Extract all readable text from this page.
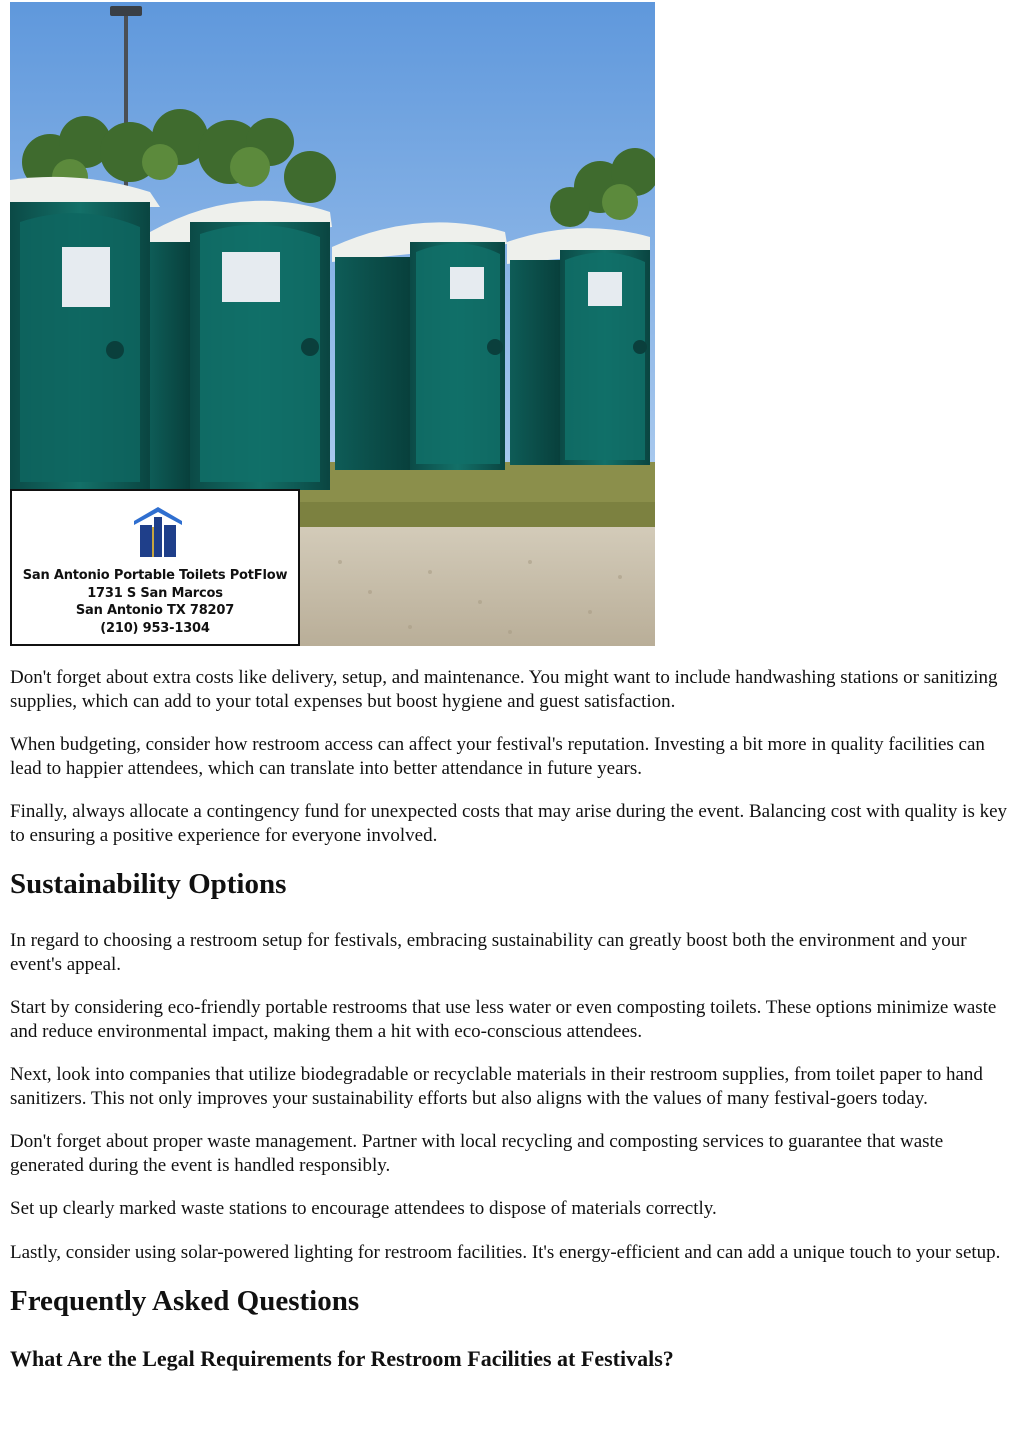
San Antonio Portable Toilets PotFlow
1731 S San Marcos
San Antonio TX 78207
(210) 953-1304

Don't forget about extra costs like delivery, setup, and maintenance. You might want to include handwashing stations or sanitizing supplies, which can add to your total expenses but boost hygiene and guest satisfaction.

When budgeting, consider how restroom access can affect your festival's reputation. Investing a bit more in quality facilities can lead to happier attendees, which can translate into better attendance in future years.

Finally, always allocate a contingency fund for unexpected costs that may arise during the event. Balancing cost with quality is key to ensuring a positive experience for everyone involved.

Sustainability Options

In regard to choosing a restroom setup for festivals, embracing sustainability can greatly boost both the environment and your event's appeal.

Start by considering eco-friendly portable restrooms that use less water or even composting toilets. These options minimize waste and reduce environmental impact, making them a hit with eco-conscious attendees.

Next, look into companies that utilize biodegradable or recyclable materials in their restroom supplies, from toilet paper to hand sanitizers. This not only improves your sustainability efforts but also aligns with the values of many festival-goers today.

Don't forget about proper waste management. Partner with local recycling and composting services to guarantee that waste generated during the event is handled responsibly.

Set up clearly marked waste stations to encourage attendees to dispose of materials correctly.

Lastly, consider using solar-powered lighting for restroom facilities. It's energy-efficient and can add a unique touch to your setup.

Frequently Asked Questions
What Are the Legal Requirements for Restroom Facilities at Festivals?
